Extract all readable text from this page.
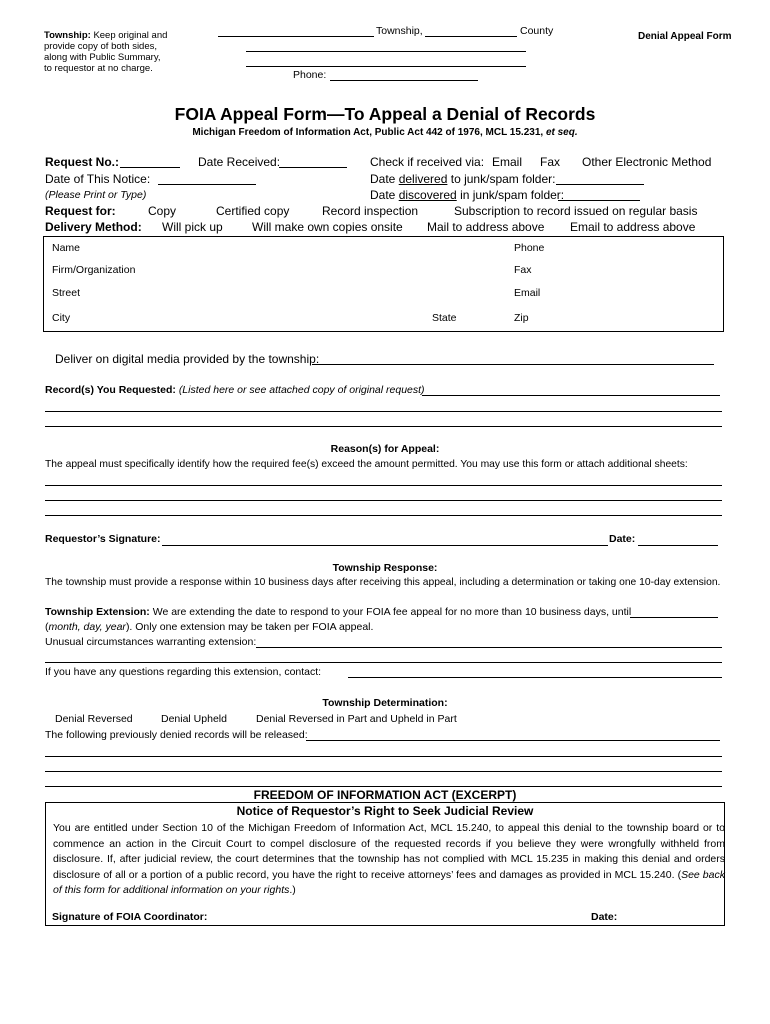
Township: Keep original and
provide copy of both sides,
along with Public Summary,
to requestor at no charge.
Township,	County
Phone:
Denial Appeal Form
FOIA Appeal Form—To Appeal a Denial of Records
Michigan Freedom of Information Act, Public Act 442 of 1976, MCL 15.231, et seq.
Request No.:	Date Received:	Check if received via: Email Fax Other Electronic Method
Date of This Notice:	Date delivered to junk/spam folder:
(Please Print or Type)	Date discovered in junk/spam folder:
Request for:	Copy	Certified copy	Record inspection	Subscription to record issued on regular basis
Delivery Method: Will pick up Will make own copies onsite Mail to address above Email to address above
Name	Phone
Firm/Organization	Fax
Street	Email
City	State	Zip
Deliver on digital media provided by the township:
Record(s) You Requested: (Listed here or see attached copy of original request)
Reason(s) for Appeal:
The appeal must specifically identify how the required fee(s) exceed the amount permitted. You may use this form or attach additional sheets:
Requestor’s Signature:	Date:
Township Response:
The township must provide a response within 10 business days after receiving this appeal, including a determination or taking one 10-day extension.
Township Extension: We are extending the date to respond to your FOIA fee appeal for no more than 10 business days, until
(month, day, year). Only one extension may be taken per FOIA appeal.
Unusual circumstances warranting extension:
If you have any questions regarding this extension, contact:
Township Determination:
Denial Reversed	Denial Upheld	Denial Reversed in Part and Upheld in Part
The following previously denied records will be released:
FREEDOM OF INFORMATION ACT (EXCERPT)
Notice of Requestor’s Right to Seek Judicial Review
You are entitled under Section 10 of the Michigan Freedom of Information Act, MCL 15.240, to appeal this denial to the township board or to commence an action in the Circuit Court to compel disclosure of the requested records if you believe they were wrongfully withheld from disclosure. If, after judicial review, the court determines that the township has not complied with MCL 15.235 in making this denial and orders disclosure of all or a portion of a public record, you have the right to receive attorneys’ fees and damages as provided in MCL 15.240. (See back of this form for additional information on your rights.)
Signature of FOIA Coordinator:	Date:
